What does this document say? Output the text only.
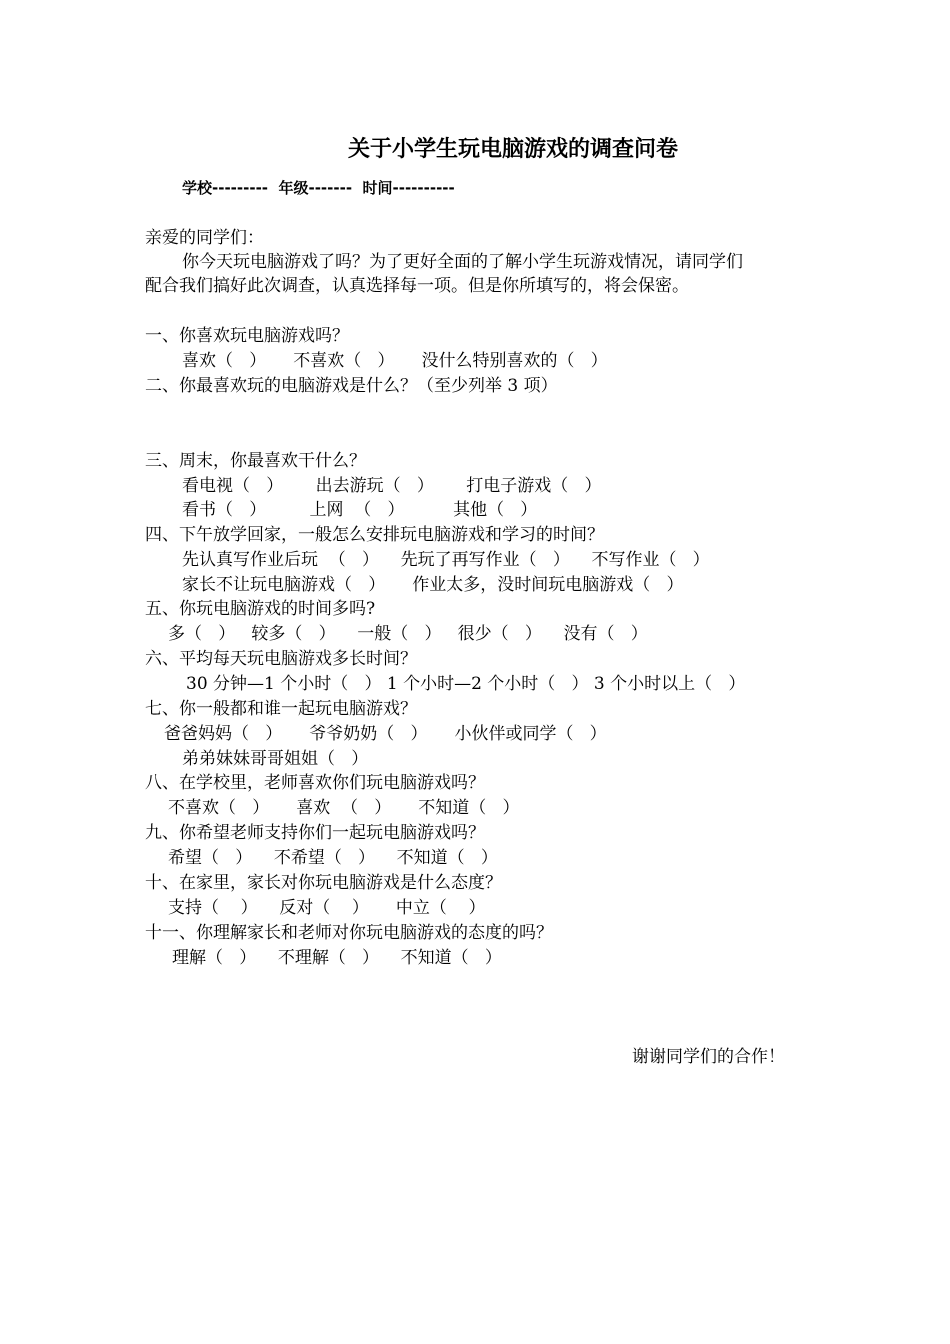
关于小学生玩电脑游戏的调查问卷
学校---------  年级-------  时间----------
亲爱的同学们：
你今天玩电脑游戏了吗？为了更好全面的了解小学生玩游戏情况，请同学们
配合我们搞好此次调查，认真选择每一项。但是你所填写的，将会保密。
一、你喜欢玩电脑游戏吗？
喜欢（   ）     不喜欢（   ）     没什么特别喜欢的（   ）
二、你最喜欢玩的电脑游戏是什么？（至少列举 3 项）
三、周末，你最喜欢干什么？
看电视（   ）      出去游玩（   ）      打电子游戏（   ）
看书（   ）        上网  （   ）         其他（   ）
四、下午放学回家，一般怎么安排玩电脑游戏和学习的时间？
先认真写作业后玩  （   ）    先玩了再写作业（   ）    不写作业（   ）
家长不让玩电脑游戏（   ）     作业太多，没时间玩电脑游戏（   ）
五、你玩电脑游戏的时间多吗?
多（   ）   较多（   ）    一般（   ）   很少（   ）    没有（   ）
六、平均每天玩电脑游戏多长时间？
30 分钟—1 个小时（   ） 1 个小时—2 个小时（   ） 3 个小时以上（   ）
七、你一般都和谁一起玩电脑游戏？
爸爸妈妈（   ）     爷爷奶奶（   ）     小伙伴或同学（   ）
弟弟妹妹哥哥姐姐（   ）
八、在学校里，老师喜欢你们玩电脑游戏吗？
不喜欢（   ）     喜欢  （   ）     不知道（   ）
九、你希望老师支持你们一起玩电脑游戏吗？
希望（   ）    不希望（   ）    不知道（   ）
十、在家里，家长对你玩电脑游戏是什么态度？
支持（    ）    反对（    ）     中立（    ）
十一、你理解家长和老师对你玩电脑游戏的态度的吗？
理解（   ）    不理解（   ）    不知道（   ）
谢谢同学们的合作！
